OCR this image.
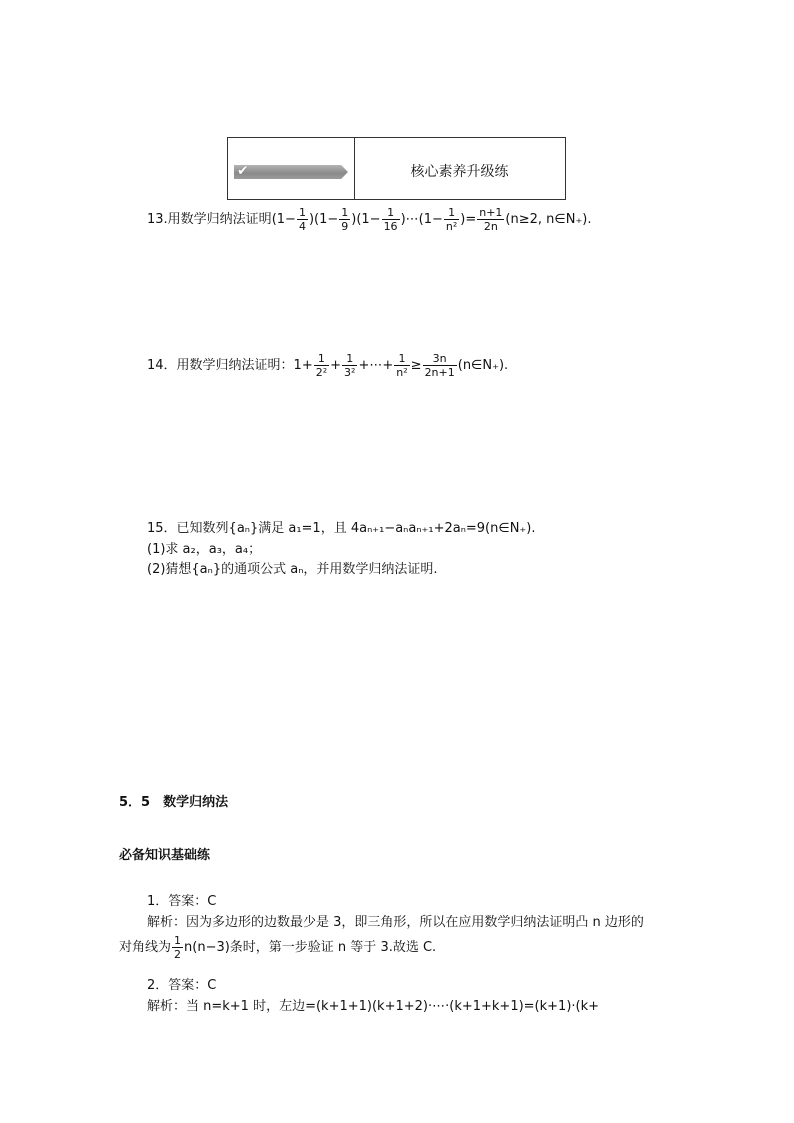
✔	核心素养升级练
13.用数学归纳法证明$(1- \frac{1}{4} )(1- \frac{1}{9} )(1- \frac{1}{16}$ )⋯(1− $\frac{1}{\text{n²}}$ )= $\frac{n+1}{2n} (n\ge 2$, n∈N₊).
14．用数学归纳法证明：$1+ \frac{1}{\text{2²}} + \frac{1}{\text{3²}}$ +⋯+ $\frac{1}{\text{n²}} \ge \frac{3n}{2n+1}$ (n∈N₊).
15．已知数列{aₙ}满足 a₁=1，且 4aₙ₊₁−aₙaₙ₊₁+2aₙ=9(n∈N₊).
(1)求 a₂，a₃，a₄；
(2)猜想{aₙ}的通项公式 aₙ，并用数学归纳法证明.
5．5　数学归纳法
必备知识基础练
1．答案：C
解析：因为多边形的边数最少是 3，即三角形，所以在应用数学归纳法证明凸 n 边形的
对角线为 $\frac{1}{2} n(n-3)$条时，第一步验证 n 等于 3.故选 C.
2．答案：C
解析：当 n=k+1 时，左边=(k+1+1)(k+1+2)·⋯·(k+1+k+1)=(k+1)·(k+
